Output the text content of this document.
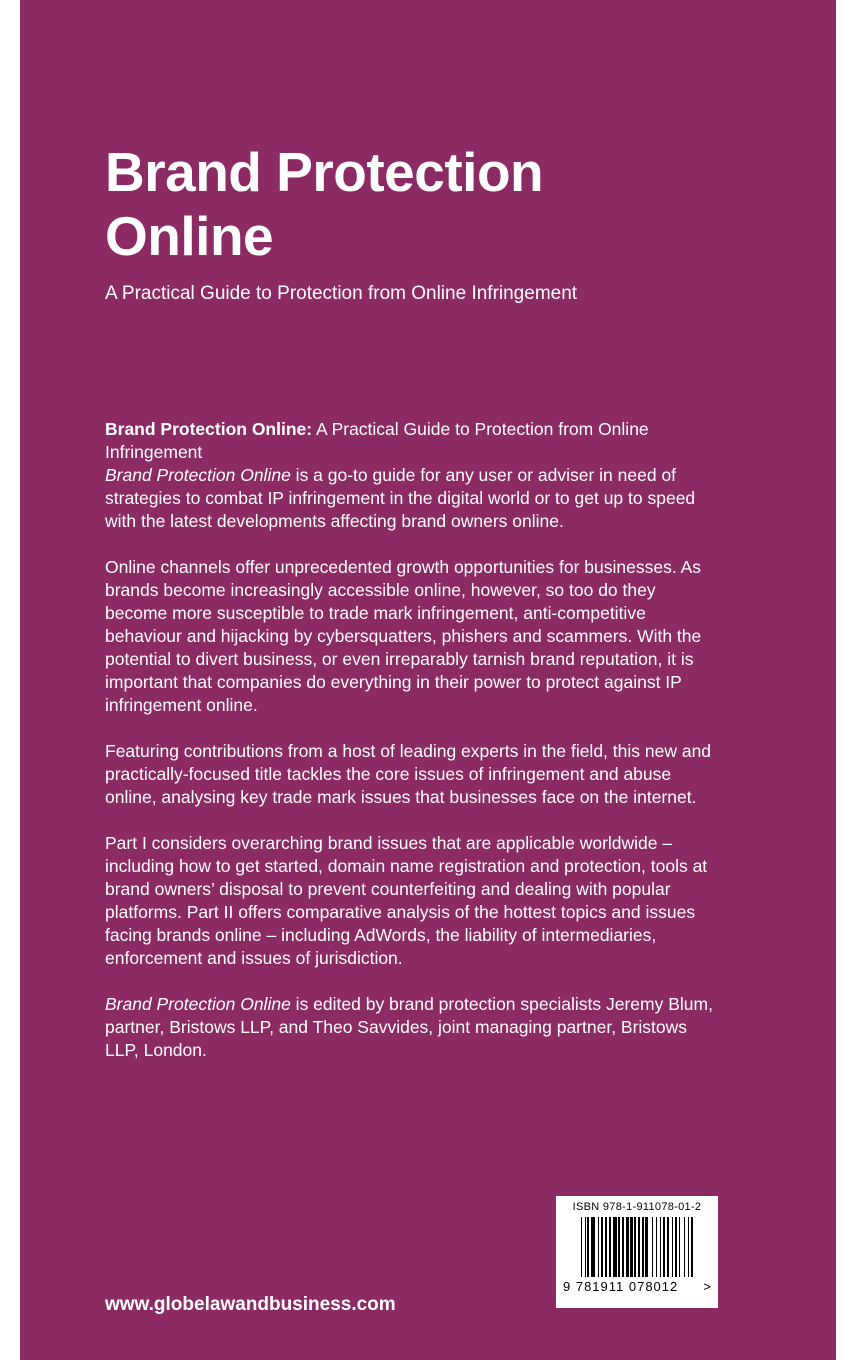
Brand Protection
Online
A Practical Guide to Protection from Online Infringement

Brand Protection Online: A Practical Guide to Protection from Online Infringement
Brand Protection Online is a go-to guide for any user or adviser in need of strategies to combat IP infringement in the digital world or to get up to speed with the latest developments affecting brand owners online.

Online channels offer unprecedented growth opportunities for businesses. As brands become increasingly accessible online, however, so too do they become more susceptible to trade mark infringement, anti-competitive behaviour and hijacking by cybersquatters, phishers and scammers. With the potential to divert business, or even irreparably tarnish brand reputation, it is important that companies do everything in their power to protect against IP infringement online.

Featuring contributions from a host of leading experts in the field, this new and practically-focused title tackles the core issues of infringement and abuse online, analysing key trade mark issues that businesses face on the internet.

Part I considers overarching brand issues that are applicable worldwide – including how to get started, domain name registration and protection, tools at brand owners’ disposal to prevent counterfeiting and dealing with popular platforms. Part II offers comparative analysis of the hottest topics and issues facing brands online – including AdWords, the liability of intermediaries, enforcement and issues of jurisdiction.

Brand Protection Online is edited by brand protection specialists Jeremy Blum, partner, Bristows LLP, and Theo Savvides, joint managing partner, Bristows LLP, London.

www.globelawandbusiness.com
ISBN 978-1-911078-01-2
9 781911 078012 >
